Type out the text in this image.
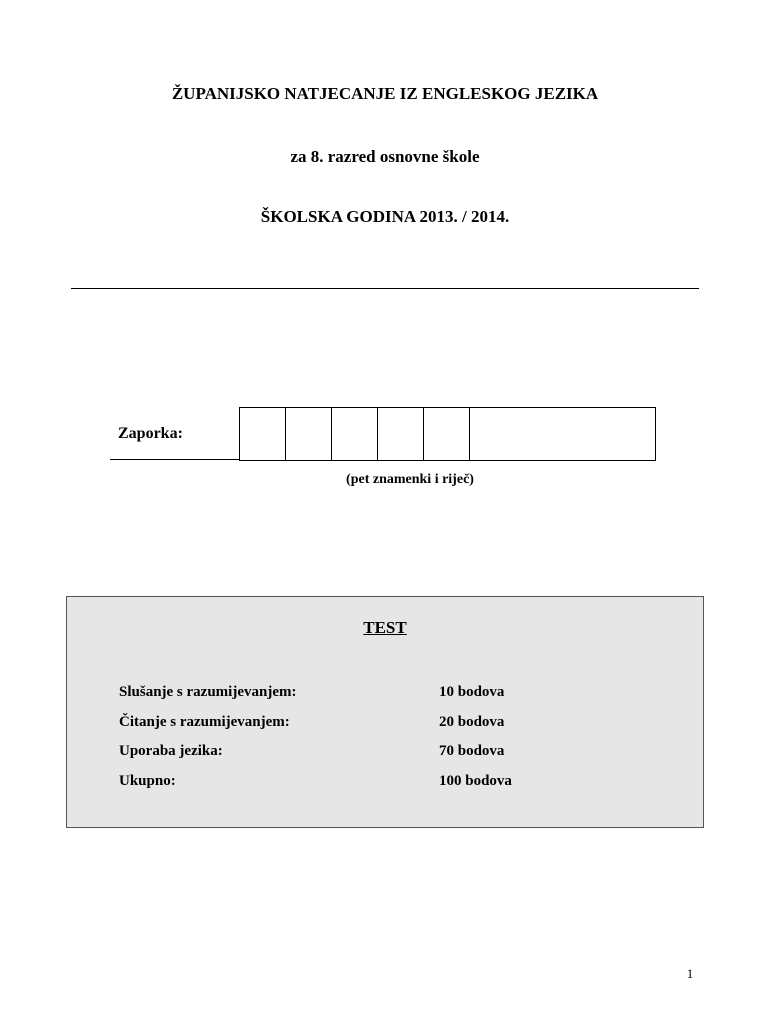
ŽUPANIJSKO NATJECANJE IZ ENGLESKOG JEZIKA
za 8. razred osnovne škole
ŠKOLSKA GODINA 2013. / 2014.
Zaporka:
(pet znamenki i riječ)
TEST
Slušanje s razumijevanjem:	10 bodova
Čitanje s razumijevanjem:	20 bodova
Uporaba jezika:	70 bodova
Ukupno:	100 bodova
1
